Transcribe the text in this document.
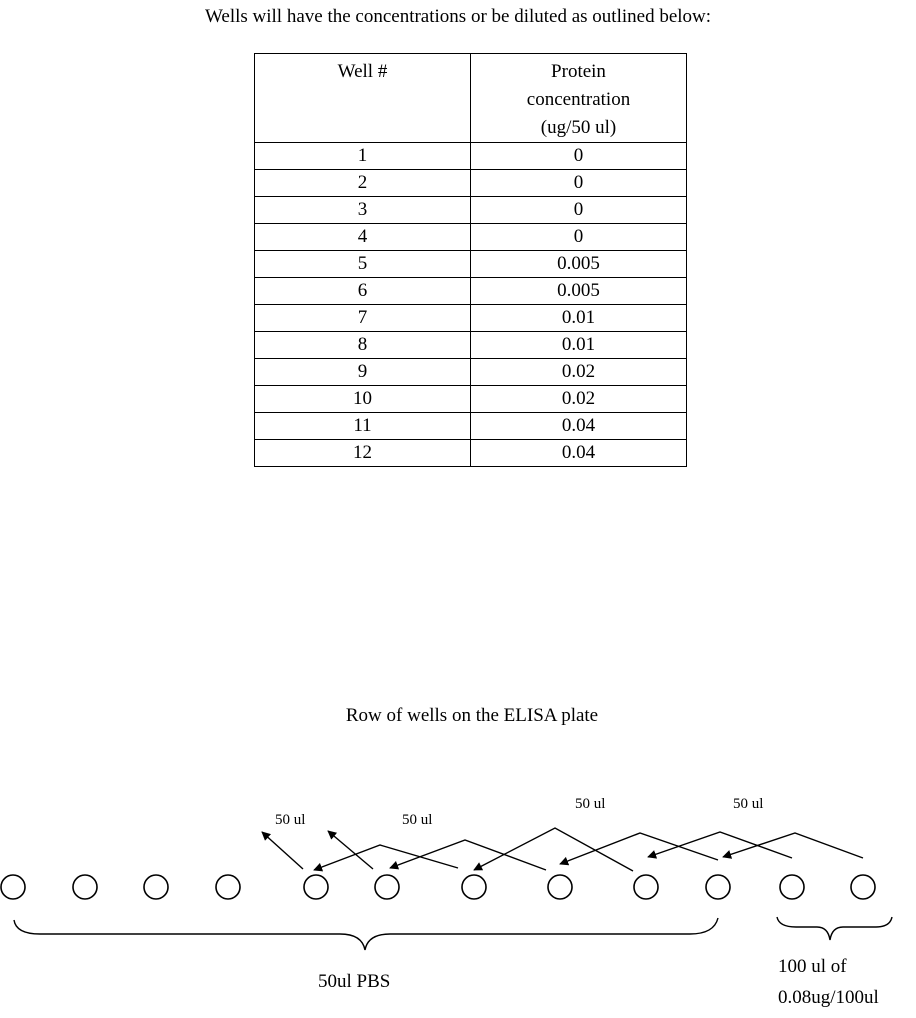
Wells will have the concentrations or be diluted as outlined below:
Well #	Protein
concentration
(ug/50 ul)

1	0
2	0
3	0
4	0
5	0.005
6	0.005
7	0.01
8	0.01
9	0.02
10	0.02
11	0.04
12	0.04
Row of wells on the ELISA plate
50 ul	50 ul
50 ul	50 ul
50ul PBS
100 ul of
0.08ug/100ul
